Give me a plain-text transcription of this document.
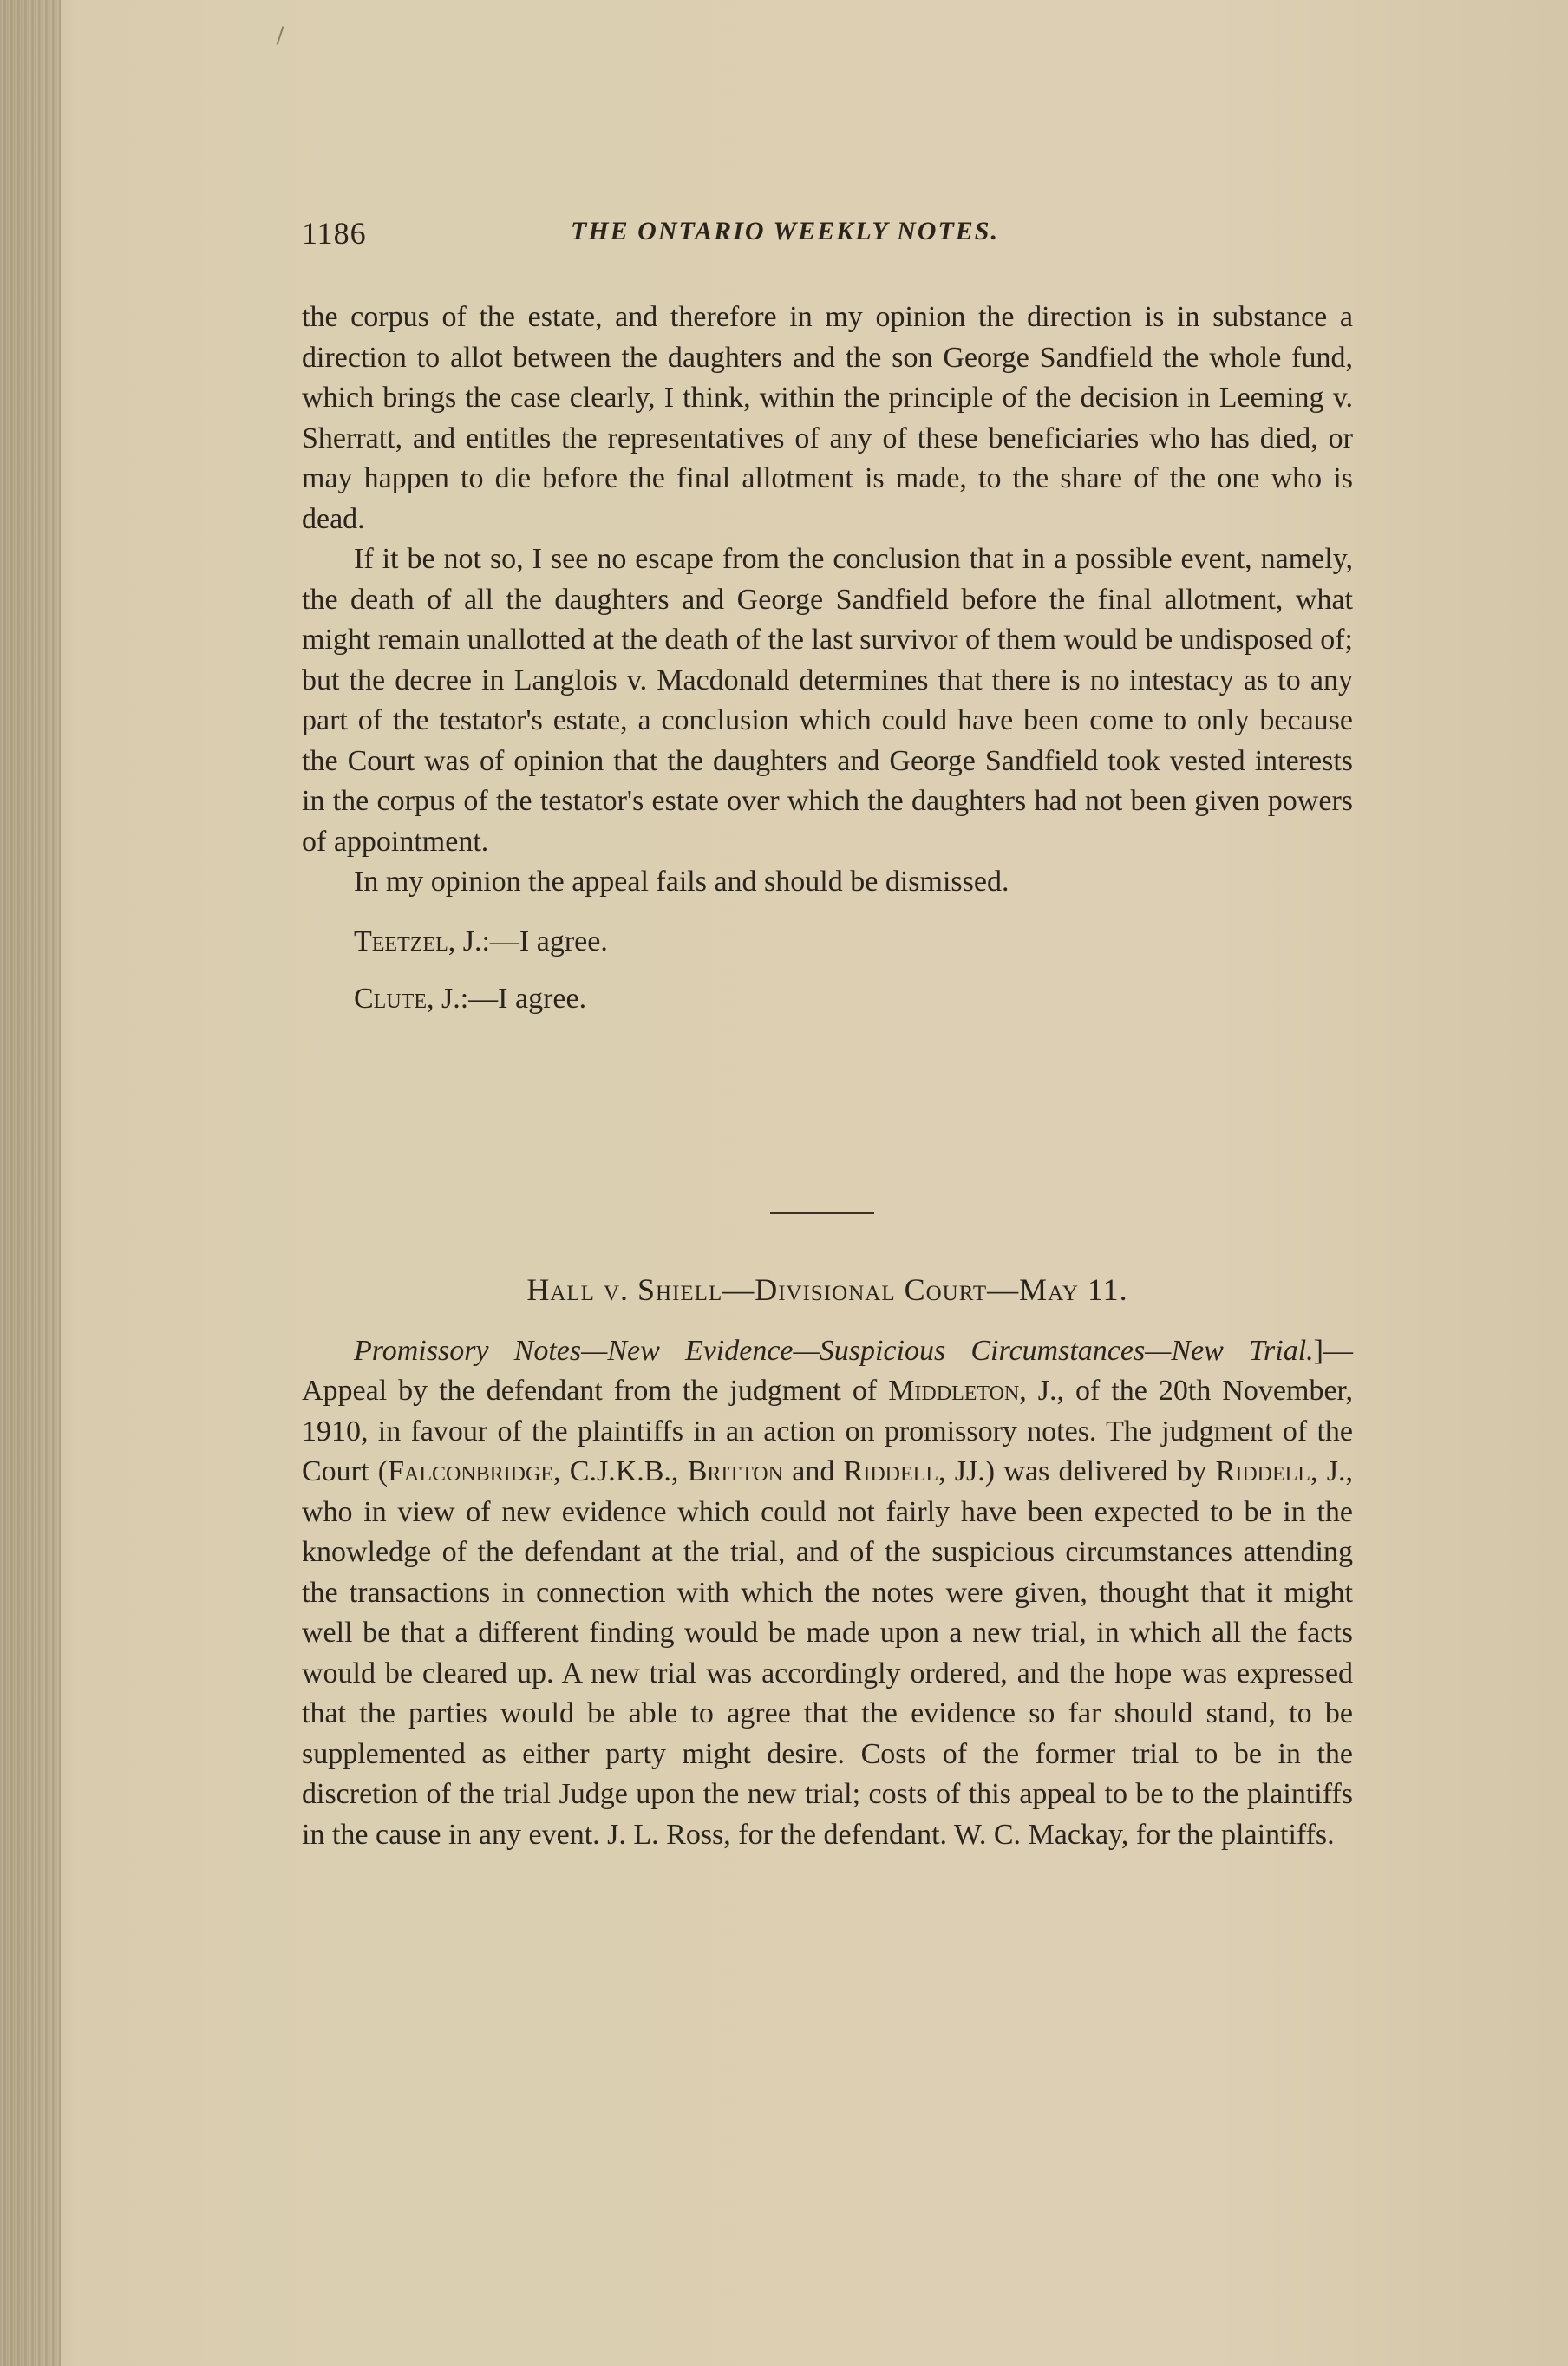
1186	THE ONTARIO WEEKLY NOTES.

the corpus of the estate, and therefore in my opinion the direction is in substance a direction to allot between the daughters and the son George Sandfield the whole fund, which brings the case clearly, I think, within the principle of the decision in Leeming v. Sherratt, and entitles the representatives of any of these beneficiaries who has died, or may happen to die before the final allotment is made, to the share of the one who is dead.

If it be not so, I see no escape from the conclusion that in a possible event, namely, the death of all the daughters and George Sandfield before the final allotment, what might remain unallotted at the death of the last survivor of them would be undisposed of; but the decree in Langlois v. Macdonald determines that there is no intestacy as to any part of the testator's estate, a conclusion which could have been come to only because the Court was of opinion that the daughters and George Sandfield took vested interests in the corpus of the testator's estate over which the daughters had not been given powers of appointment.

In my opinion the appeal fails and should be dismissed.

Teetzel, J.:—I agree.

Clute, J.:—I agree.

Hall v. Shiell—Divisional Court—May 11.

Promissory Notes—New Evidence—Suspicious Circumstances—New Trial.]—Appeal by the defendant from the judgment of Middleton, J., of the 20th November, 1910, in favour of the plaintiffs in an action on promissory notes. The judgment of the Court (Falconbridge, C.J.K.B., Britton and Riddell, JJ.) was delivered by Riddell, J., who in view of new evidence which could not fairly have been expected to be in the knowledge of the defendant at the trial, and of the suspicious circumstances attending the transactions in connection with which the notes were given, thought that it might well be that a different finding would be made upon a new trial, in which all the facts would be cleared up. A new trial was accordingly ordered, and the hope was expressed that the parties would be able to agree that the evidence so far should stand, to be supplemented as either party might desire. Costs of the former trial to be in the discretion of the trial Judge upon the new trial; costs of this appeal to be to the plaintiffs in the cause in any event. J. L. Ross, for the defendant. W. C. Mackay, for the plaintiffs.
